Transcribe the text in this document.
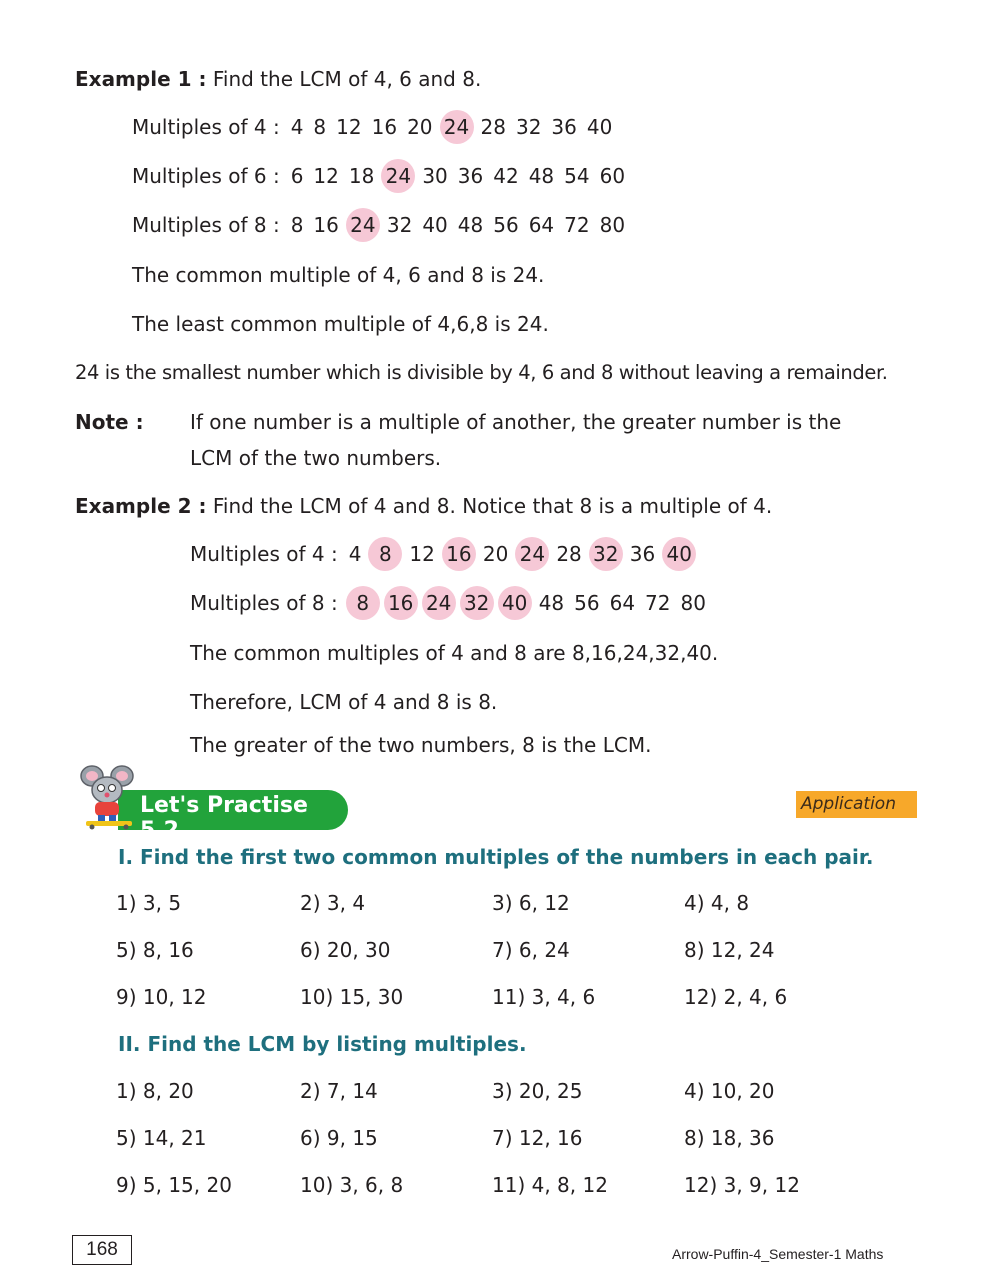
Example 1 : Find the LCM of 4, 6 and 8.
Multiples of 4 : 4 8 12 16 20 24 28 32 36 40
Multiples of 6 : 6 12 18 24 30 36 42 48 54 60
Multiples of 8 : 8 16 24 32 40 48 56 64 72 80
The common multiple of 4, 6 and 8 is 24.
The least common multiple of 4,6,8 is 24.
24 is the smallest number which is divisible by 4, 6 and 8 without leaving a remainder.
Note : If one number is a multiple of another, the greater number is the
LCM of the two numbers.
Example 2 : Find the LCM of 4 and 8. Notice that 8 is a multiple of 4.
Multiples of 4 : 4 8 12 16 20 24 28 32 36 40
Multiples of 8 : 8 16 24 32 40 48 56 64 72 80
The common multiples of 4 and 8 are 8,16,24,32,40.
Therefore, LCM of 4 and 8 is 8.
The greater of the two numbers, 8 is the LCM.
Let's Practise 5.2
Application
I. Find the first two common multiples of the numbers in each pair.
1) 3, 5	2) 3, 4	3) 6, 12	4) 4, 8
5) 8, 16	6) 20, 30	7) 6, 24	8) 12, 24
9) 10, 12	10) 15, 30	11) 3, 4, 6	12) 2, 4, 6
II. Find the LCM by listing multiples.
1) 8, 20	2) 7, 14	3) 20, 25	4) 10, 20
5) 14, 21	6) 9, 15	7) 12, 16	8) 18, 36
9) 5, 15, 20	10) 3, 6, 8	11) 4, 8, 12	12) 3, 9, 12
168	Arrow-Puffin-4_Semester-1 Maths
